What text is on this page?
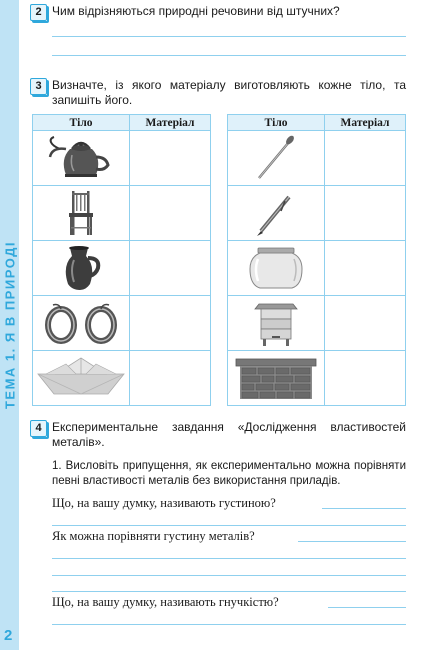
ТЕМА 1. Я В ПРИРОДІ
2
2 Чим відрізняються природні речовини від штучних?
3 Визначте, із якого матеріалу виготовляють кожне тіло, та запишіть його.
Тіло	Матеріал

		Тіло	Матеріал

4 Експериментальне завдання «Дослідження властивостей металів».
1. Висловіть припущення, як експериментально можна порівняти певні властивості металів без використання приладів.
Що, на вашу думку, називають густиною?
Як можна порівняти густину металів?
Що, на вашу думку, називають гнучкістю?
